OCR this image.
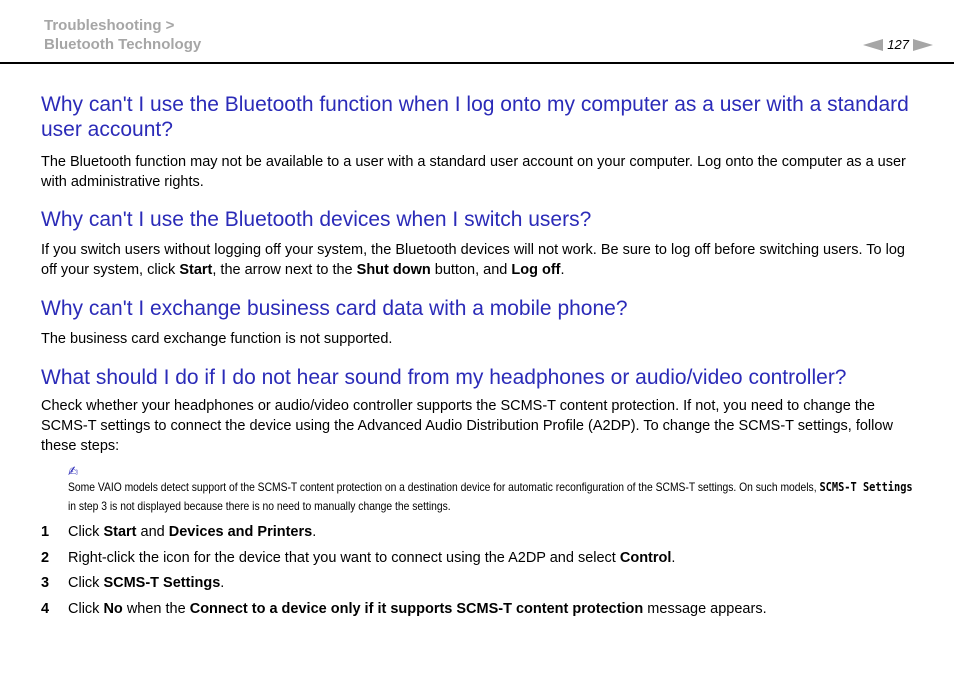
Troubleshooting >
Bluetooth Technology	127
Why can't I use the Bluetooth function when I log onto my computer as a user with a standard user account?

The Bluetooth function may not be available to a user with a standard user account on your computer. Log onto the computer as a user with administrative rights.

Why can't I use the Bluetooth devices when I switch users?

If you switch users without logging off your system, the Bluetooth devices will not work. Be sure to log off before switching users. To log off your system, click Start, the arrow next to the Shut down button, and Log off.

Why can't I exchange business card data with a mobile phone?

The business card exchange function is not supported.

What should I do if I do not hear sound from my headphones or audio/video controller?

Check whether your headphones or audio/video controller supports the SCMS-T content protection. If not, you need to change the SCMS-T settings to connect the device using the Advanced Audio Distribution Profile (A2DP). To change the SCMS-T settings, follow these steps:

✍
Some VAIO models detect support of the SCMS-T content protection on a destination device for automatic reconfiguration of the SCMS-T settings. On such models, SCMS-T Settings in step 3 is not displayed because there is no need to manually change the settings.
1	Click Start and Devices and Printers.
2	Right-click the icon for the device that you want to connect using the A2DP and select Control.
3	Click SCMS-T Settings.
4	Click No when the Connect to a device only if it supports SCMS-T content protection message appears.
